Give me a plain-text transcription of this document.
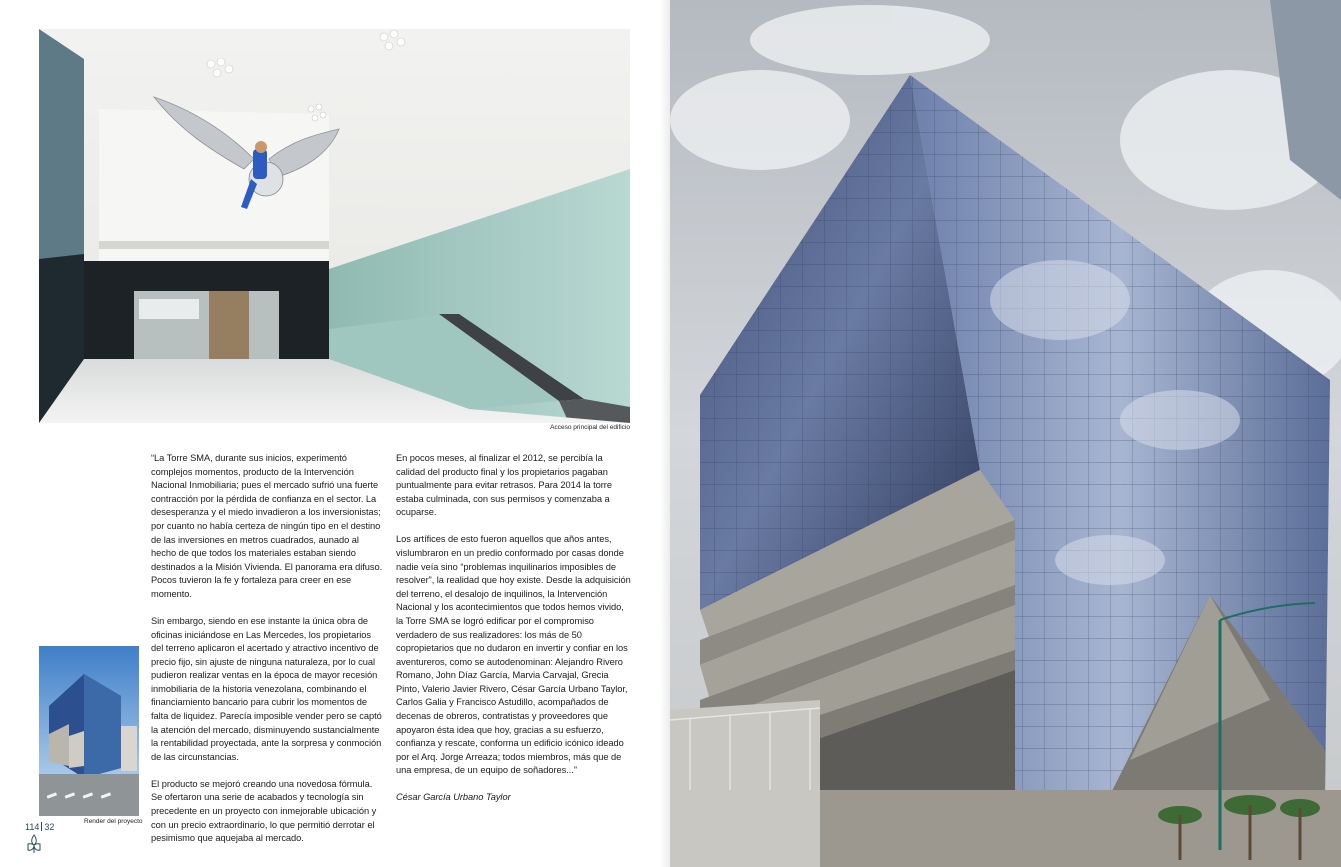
Acceso principal del edificio

“La Torre SMA, durante sus inicios, experimentó complejos momentos, producto de la Intervención Nacional Inmobiliaria; pues el mercado sufrió una fuerte contracción por la pérdida de confianza en el sector. La desesperanza y el miedo invadieron a los inversionistas; por cuanto no había certeza de ningún tipo en el destino de las inversiones en metros cuadrados, aunado al hecho de que todos los materiales estaban siendo destinados a la Misión Vivienda. El panorama era difuso. Pocos tuvieron la fe y fortaleza para creer en ese momento.

Sin embargo, siendo en ese instante la única obra de oficinas iniciándose en Las Mercedes, los propietarios del terreno aplicaron el acertado y atractivo incentivo de precio fijo, sin ajuste de ninguna naturaleza, por lo cual pudieron realizar ventas en la época de mayor recesión inmobiliaria de la historia venezolana, combinando el financiamiento bancario para cubrir los momentos de falta de liquidez. Parecía imposible vender pero se captó la atención del mercado, disminuyendo sustancialmente la rentabilidad proyectada, ante la sorpresa y conmoción de las circunstancias.

El producto se mejoró creando una novedosa fórmula. Se ofertaron una serie de acabados y tecnología sin precedente en un proyecto con inmejorable ubicación y con un precio extraordinario, lo que permitió derrotar el pesimismo que aquejaba al mercado.

En pocos meses, al finalizar el 2012, se percibía la calidad del producto final y los propietarios pagaban puntualmente para evitar retrasos. Para 2014 la torre estaba culminada, con sus permisos y comenzaba a ocuparse.

Los artífices de esto fueron aquellos que años antes, vislumbraron en un predio conformado por casas donde nadie veía sino “problemas inquilinarios imposibles de resolver”, la realidad que hoy existe. Desde la adquisición del terreno, el desalojo de inquilinos, la Intervención Nacional y los acontecimientos que todos hemos vivido, la Torre SMA se logró edificar por el compromiso verdadero de sus realizadores: los más de 50 copropietarios que no dudaron en invertir y confiar en los aventureros, como se autodenominan: Alejandro Rivero Romano, John Díaz García, Marvia Carvajal, Grecia Pinto, Valerio Javier Rivero, César García Urbano Taylor, Carlos Galia y Francisco Astudillo, acompañados de decenas de obreros, contratistas y proveedores que apoyaron ésta idea que hoy, gracias a su esfuerzo, confianza y rescate, conforma un edificio icónico ideado por el Arq. Jorge Arreaza; todos miembros, más que de una empresa, de un equipo de soñadores...”

César García Urbano Taylor

Render del proyecto
114 32
